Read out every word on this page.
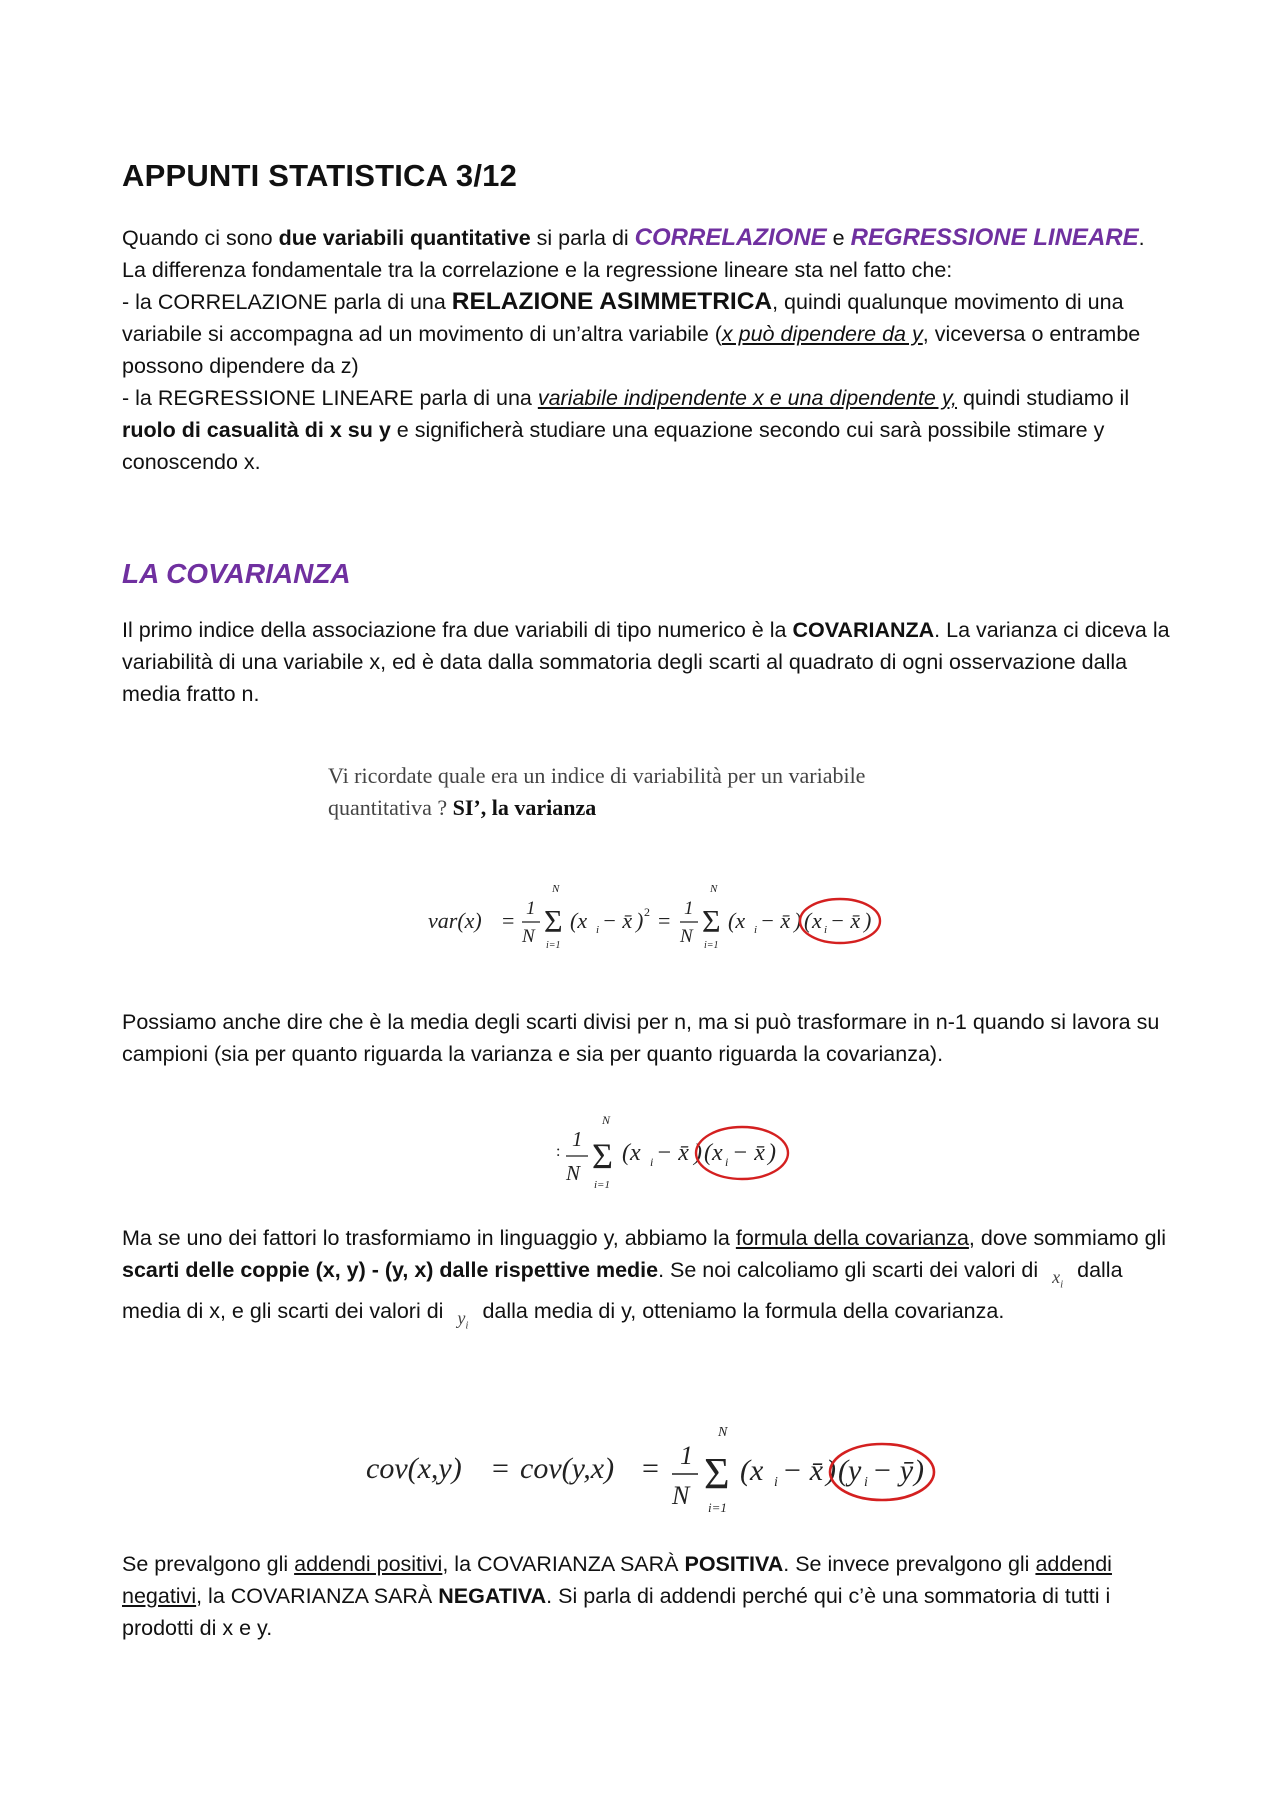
APPUNTI STATISTICA 3/12

Quando ci sono due variabili quantitative si parla di CORRELAZIONE e REGRESSIONE LINEARE.

La differenza fondamentale tra la correlazione e la regressione lineare sta nel fatto che:

- la CORRELAZIONE parla di una RELAZIONE ASIMMETRICA, quindi qualunque movimento di una variabile si accompagna ad un movimento di un’altra variabile (x può dipendere da y, viceversa o entrambe possono dipendere da z)

- la REGRESSIONE LINEARE parla di una variabile indipendente x e una dipendente y, quindi studiamo il ruolo di casualità di x su y e significherà studiare una equazione secondo cui sarà possibile stimare y conoscendo x.

LA COVARIANZA

Il primo indice della associazione fra due variabili di tipo numerico è la COVARIANZA. La varianza ci diceva la variabilità di una variabile x, ed è data dalla sommatoria degli scarti al quadrato di ogni osservazione dalla media fratto n.

Vi ricordate quale era un indice di variabilità per un variabile
quantitativa ? SI’, la varianza
var(x) = 1
N
N
Σ
i=1
(x i − x̄ ) 2 = 1
N
N
Σ
i=1
(x i − x̄ ) ( x i − x̄ )

Possiamo anche dire che è la media degli scarti divisi per n, ma si può trasformare in n-1 quando si lavora su campioni (sia per quanto riguarda la varianza e sia per quanto riguarda la covarianza).

:
1
N
N
Σ
i=1
(x i − x̄ ) ( x i − x̄ )

Ma se uno dei fattori lo trasformiamo in linguaggio y, abbiamo la formula della covarianza, dove sommiamo gli scarti delle coppie (x, y) - (y, x) dalle rispettive medie. Se noi calcoliamo gli scarti dei valori di $_{x_i}$ dalla media di x, e gli scarti dei valori di $_{y_i}$ dalla media di y, otteniamo la formula della covarianza.

cov(x,y) = cov(y,x) = 1
N
N
Σ
i=1
(x i − x̄ ) ( y i − ȳ )

Se prevalgono gli addendi positivi, la COVARIANZA SARÀ POSITIVA. Se invece prevalgono gli addendi negativi, la COVARIANZA SARÀ NEGATIVA. Si parla di addendi perché qui c’è una sommatoria di tutti i prodotti di x e y.
